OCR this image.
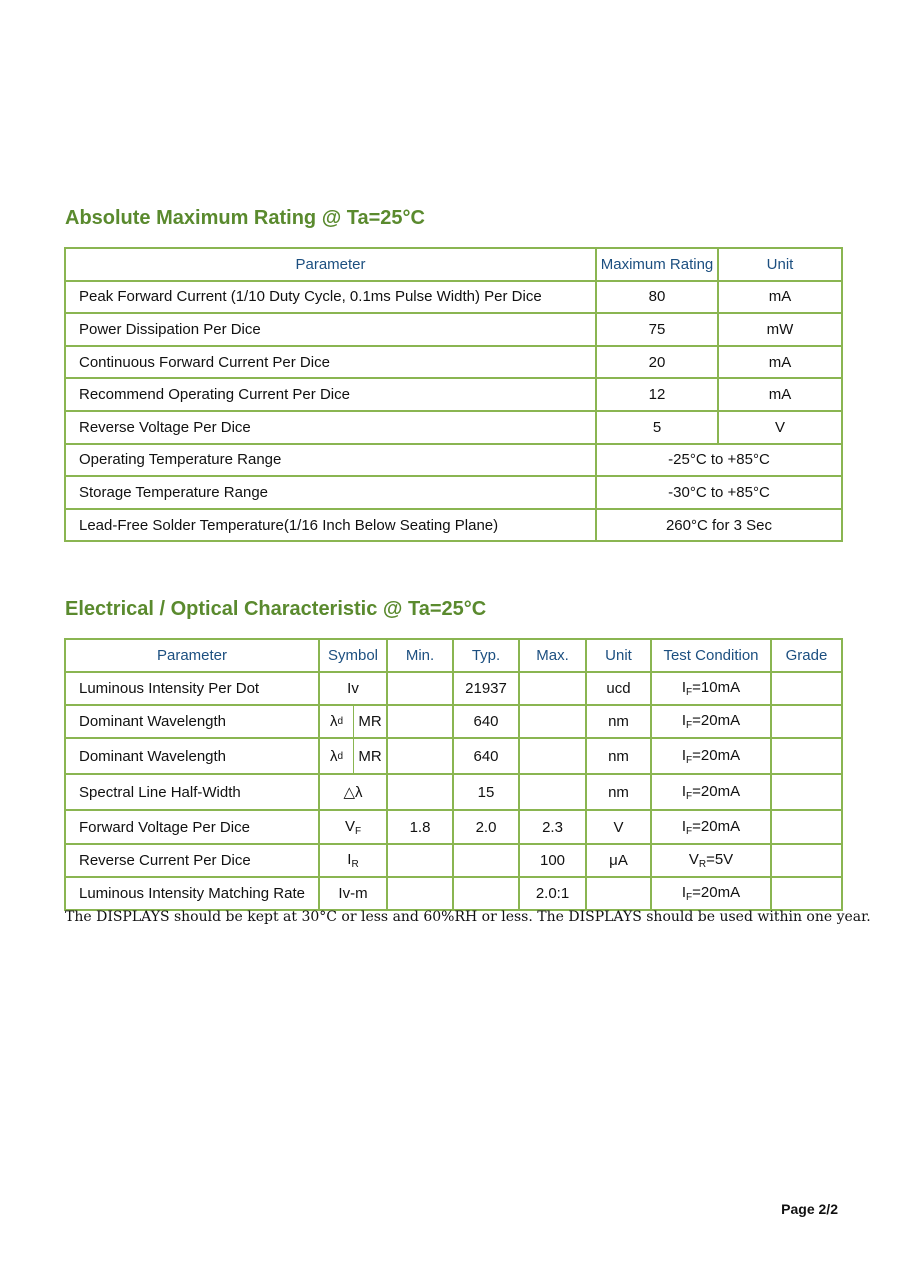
Absolute Maximum Rating @ Ta=25°C
Parameter	Maximum Rating	Unit
Peak Forward Current (1/10 Duty Cycle, 0.1ms Pulse Width) Per Dice	80	mA
Power Dissipation Per Dice	75	mW
Continuous Forward Current Per Dice	20	mA
Recommend Operating Current Per Dice	12	mA
Reverse Voltage Per Dice	5	V
Operating Temperature Range	-25°C to +85°C	
Storage Temperature Range	-30°C to +85°C	
Lead-Free Solder Temperature(1/16 Inch Below Seating Plane)	260°C for 3 Sec	
Electrical / Optical Characteristic @ Ta=25°C
Parameter	Symbol	Min.	Typ.	Max.	Unit	Test Condition	Grade
Luminous Intensity Per Dot	Iv		21937		ucd	$I_F=10mA$	
Dominant Wavelength	λ d MR		640		nm	$I_F=20mA$	
Dominant Wavelength	λ d MR		640		nm	$I_F=20mA$	
Spectral Line Half-Width	△λ		15		nm	$I_F=20mA$	
Forward Voltage Per Dice	$V_F$	1.8	2.0	2.3	V	$I_F=20mA$	
Reverse Current Per Dice	$I_R$			100	μA	$V_R=5V$	
Luminous Intensity Matching Rate	Iv-m			2.0:1		$I_F=20mA$	

The DISPLAYS should be kept at 30°C or less and 60%RH or less. The DISPLAYS should be used within one year.

Page 2/2
